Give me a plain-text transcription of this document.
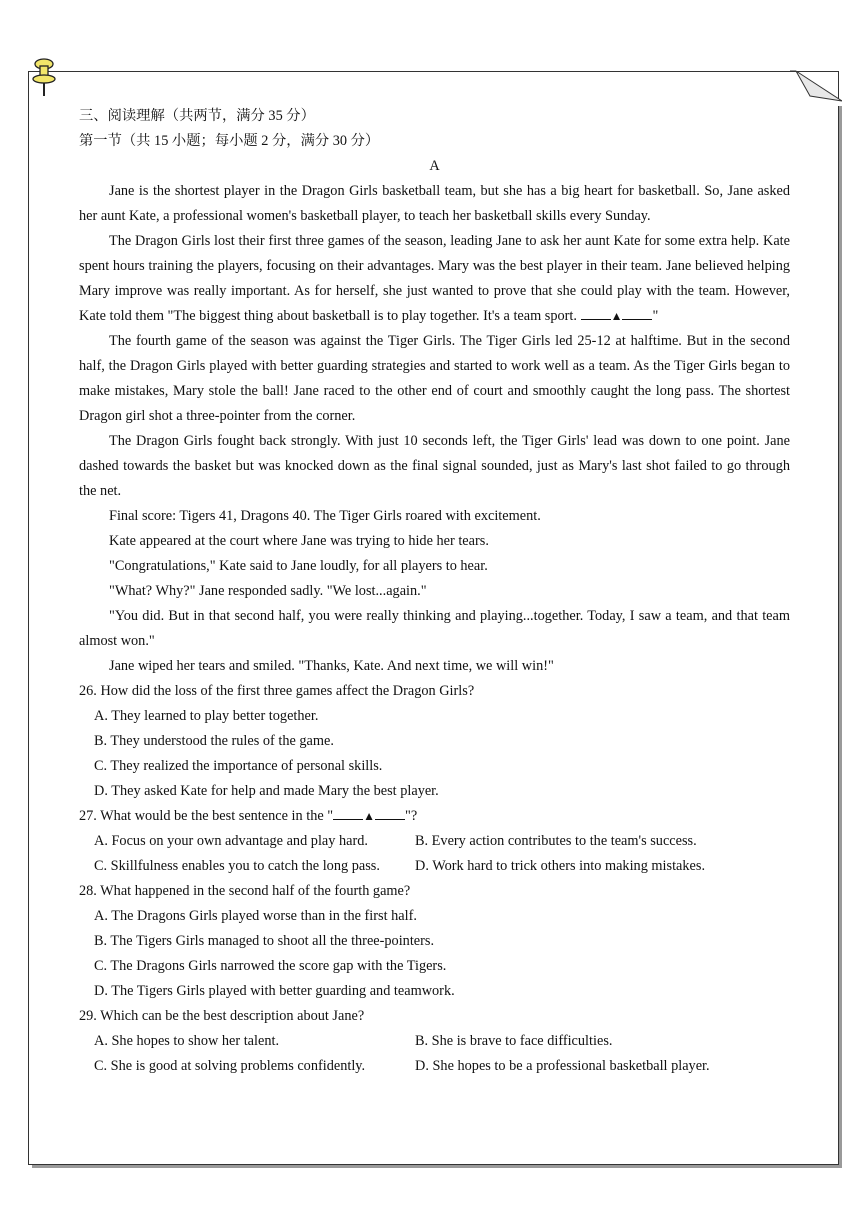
三、阅读理解（共两节，满分 35 分）
第一节（共 15 小题；每小题 2 分，满分 30 分）
A

Jane is the shortest player in the Dragon Girls basketball team, but she has a big heart for basketball. So, Jane asked her aunt Kate, a professional women's basketball player, to teach her basketball skills every Sunday.

The Dragon Girls lost their first three games of the season, leading Jane to ask her aunt Kate for some extra help. Kate spent hours training the players, focusing on their advantages. Mary was the best player in their team. Jane believed helping Mary improve was really important. As for herself, she just wanted to prove that she could play with the team. However, Kate told them "The biggest thing about basketball is to play together. It's a team sport.	▲ "

The fourth game of the season was against the Tiger Girls. The Tiger Girls led 25-12 at halftime. But in the second half, the Dragon Girls played with better guarding strategies and started to work well as a team. As the Tiger Girls began to make mistakes, Mary stole the ball! Jane raced to the other end of court and smoothly caught the long pass. The shortest Dragon girl shot a three-pointer from the corner.

The Dragon Girls fought back strongly. With just 10 seconds left, the Tiger Girls' lead was down to one point. Jane dashed towards the basket but was knocked down as the final signal sounded, just as Mary's last shot failed to go through the net.

Final score: Tigers 41, Dragons 40. The Tiger Girls roared with excitement.

Kate appeared at the court where Jane was trying to hide her tears.

"Congratulations," Kate said to Jane loudly, for all players to hear.

"What? Why?" Jane responded sadly. "We lost...again."

"You did. But in that second half, you were really thinking and playing...together. Today, I saw a team, and that team almost won."

Jane wiped her tears and smiled. "Thanks, Kate. And next time, we will win!"

26. How did the loss of the first three games affect the Dragon Girls?
A. They learned to play better together.
B. They understood the rules of the game.
C. They realized the importance of personal skills.
D. They asked Kate for help and made Mary the best player.
27. What would be the best sentence in the "	▲ "?
A. Focus on your own advantage and play hard.	B. Every action contributes to the team's success.
C. Skillfulness enables you to catch the long pass.	D. Work hard to trick others into making mistakes.
28. What happened in the second half of the fourth game?
A. The Dragons Girls played worse than in the first half.
B. The Tigers Girls managed to shoot all the three-pointers.
C. The Dragons Girls narrowed the score gap with the Tigers.
D. The Tigers Girls played with better guarding and teamwork.
29. Which can be the best description about Jane?
A. She hopes to show her talent.	B. She is brave to face difficulties.
C. She is good at solving problems confidently.	D. She hopes to be a professional basketball player.
